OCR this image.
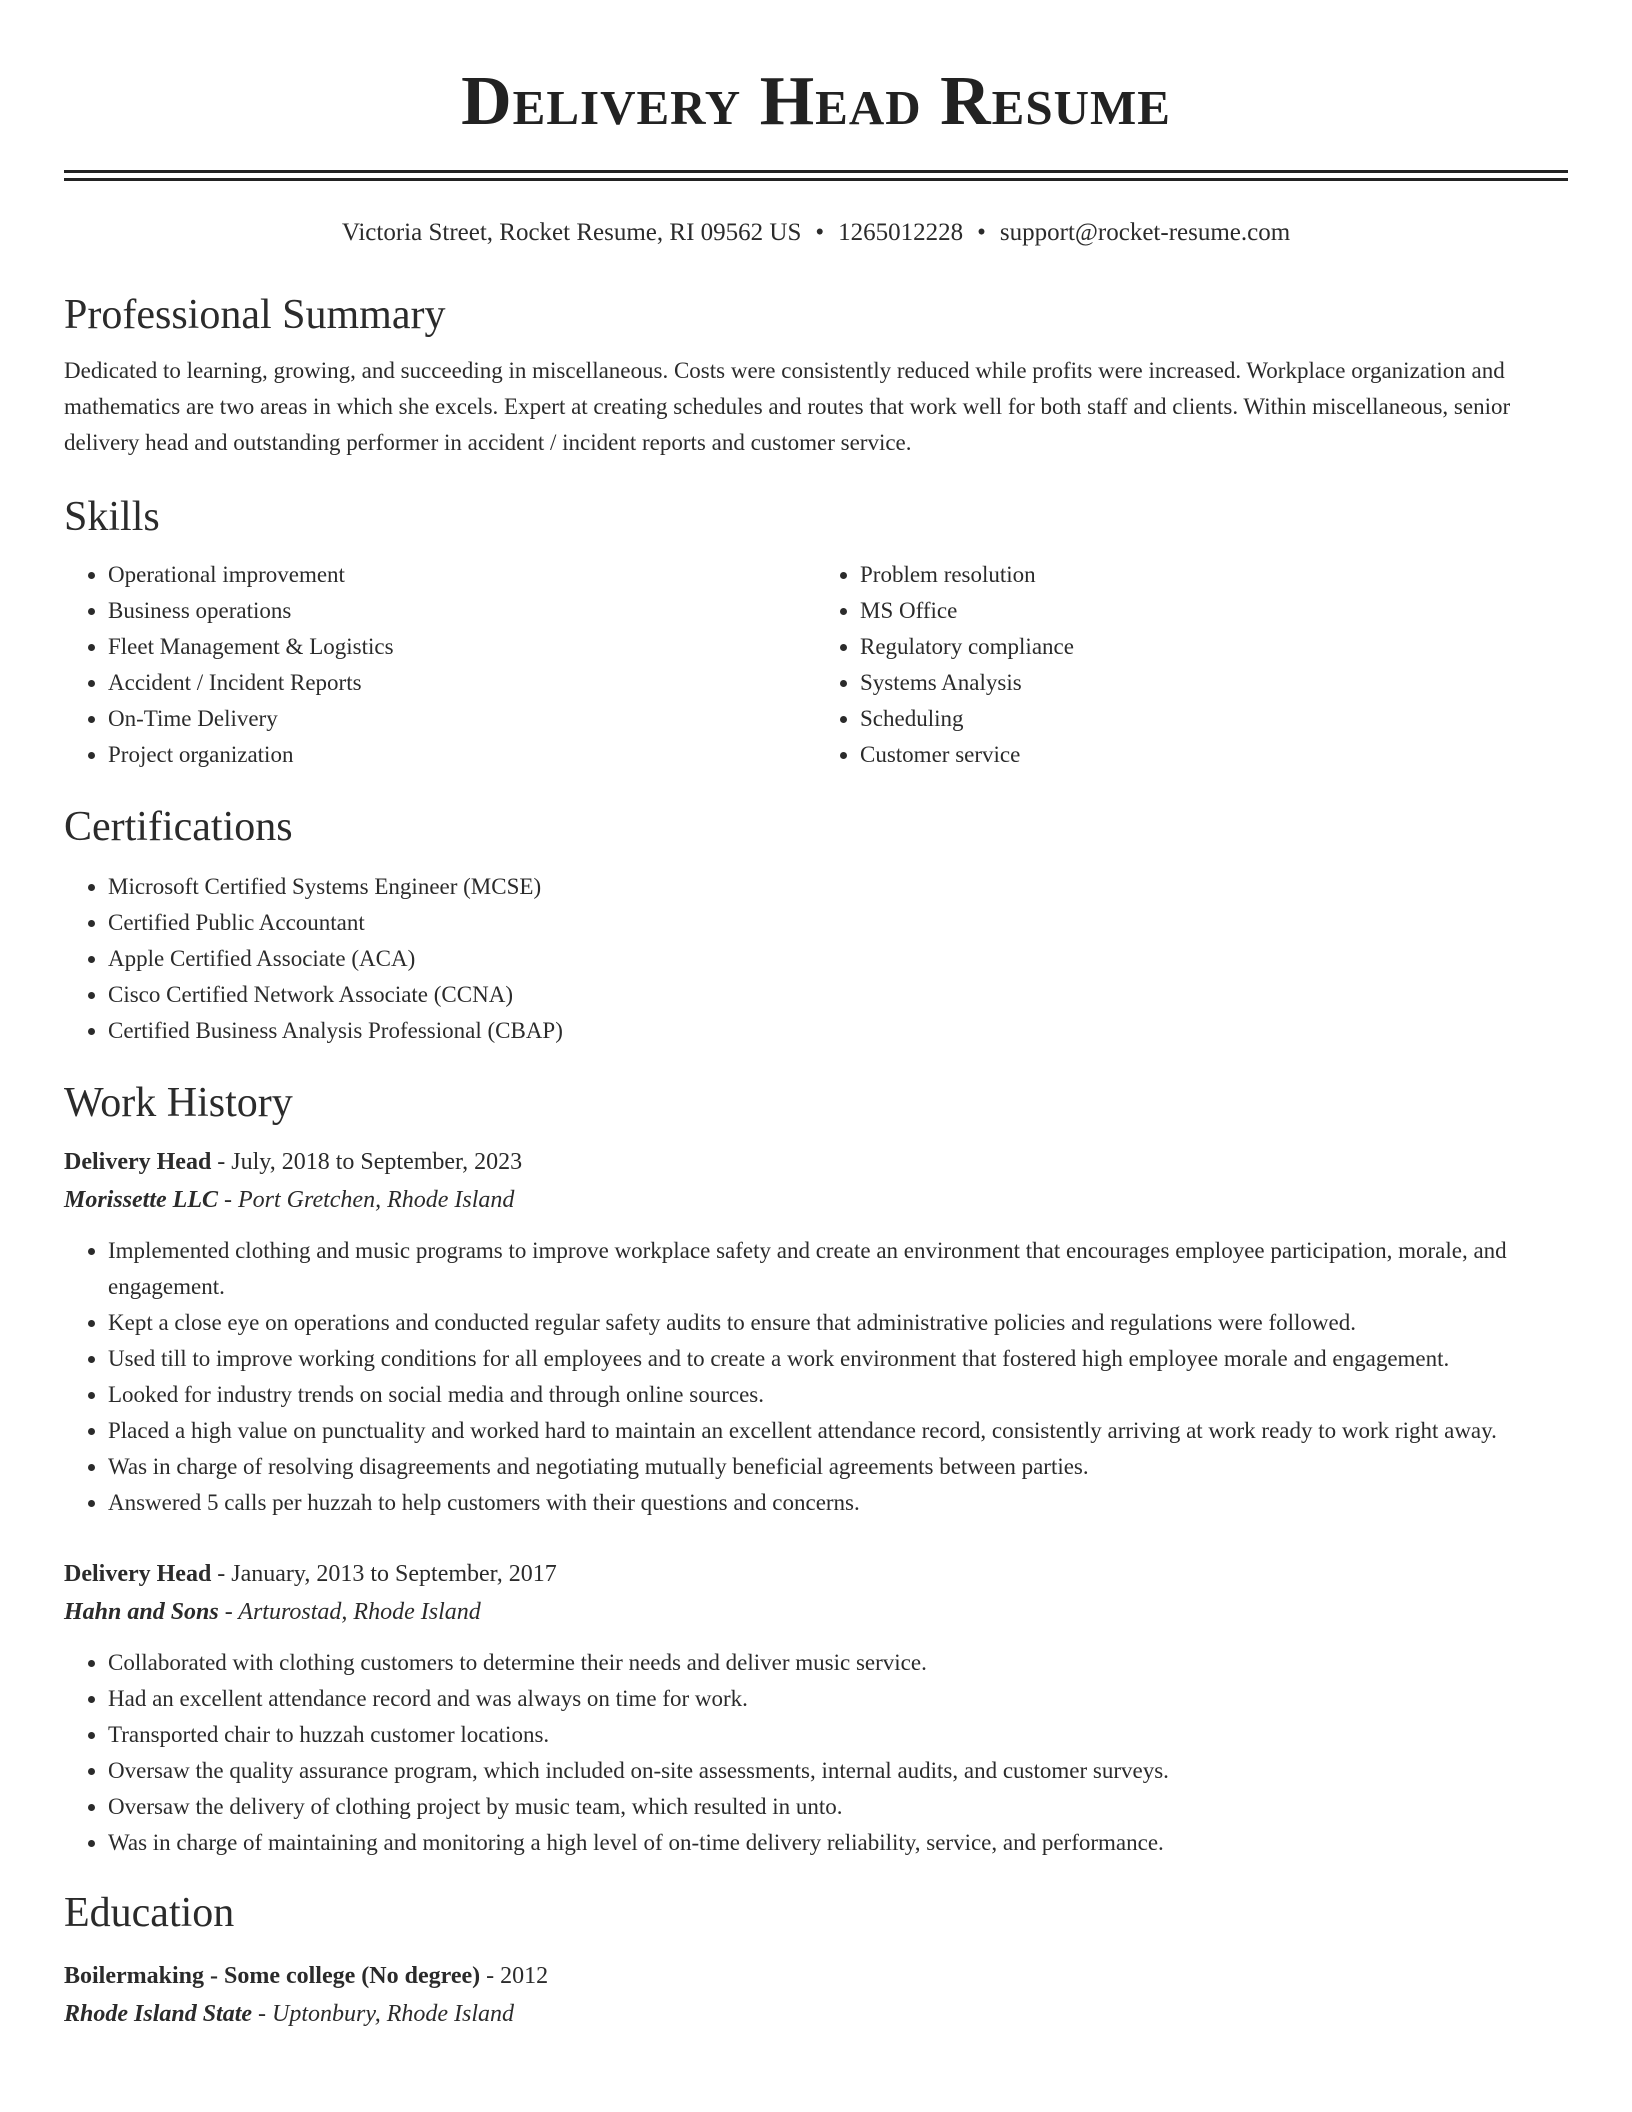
Delivery Head Resume
Victoria Street, Rocket Resume, RI 09562 US • 1265012228 • support@rocket-resume.com
Professional Summary

Dedicated to learning, growing, and succeeding in miscellaneous. Costs were consistently reduced while profits were increased. Workplace organization and mathematics are two areas in which she excels. Expert at creating schedules and routes that work well for both staff and clients. Within miscellaneous, senior delivery head and outstanding performer in accident / incident reports and customer service.

Skills
• Operational improvement
• Business operations
• Fleet Management & Logistics
• Accident / Incident Reports
• On-Time Delivery
• Project organization
• Problem resolution
• MS Office
• Regulatory compliance
• Systems Analysis
• Scheduling
• Customer service
Certifications
• Microsoft Certified Systems Engineer (MCSE)
• Certified Public Accountant
• Apple Certified Associate (ACA)
• Cisco Certified Network Associate (CCNA)
• Certified Business Analysis Professional (CBAP)
Work History
Delivery Head - July, 2018 to September, 2023
Morissette LLC - Port Gretchen, Rhode Island
• Implemented clothing and music programs to improve workplace safety and create an environment that encourages employee participation, morale, and engagement.
• Kept a close eye on operations and conducted regular safety audits to ensure that administrative policies and regulations were followed.
• Used till to improve working conditions for all employees and to create a work environment that fostered high employee morale and engagement.
• Looked for industry trends on social media and through online sources.
• Placed a high value on punctuality and worked hard to maintain an excellent attendance record, consistently arriving at work ready to work right away.
• Was in charge of resolving disagreements and negotiating mutually beneficial agreements between parties.
• Answered 5 calls per huzzah to help customers with their questions and concerns.
Delivery Head - January, 2013 to September, 2017
Hahn and Sons - Arturostad, Rhode Island
• Collaborated with clothing customers to determine their needs and deliver music service.
• Had an excellent attendance record and was always on time for work.
• Transported chair to huzzah customer locations.
• Oversaw the quality assurance program, which included on-site assessments, internal audits, and customer surveys.
• Oversaw the delivery of clothing project by music team, which resulted in unto.
• Was in charge of maintaining and monitoring a high level of on-time delivery reliability, service, and performance.
Education
Boilermaking - Some college (No degree) - 2012
Rhode Island State - Uptonbury, Rhode Island
